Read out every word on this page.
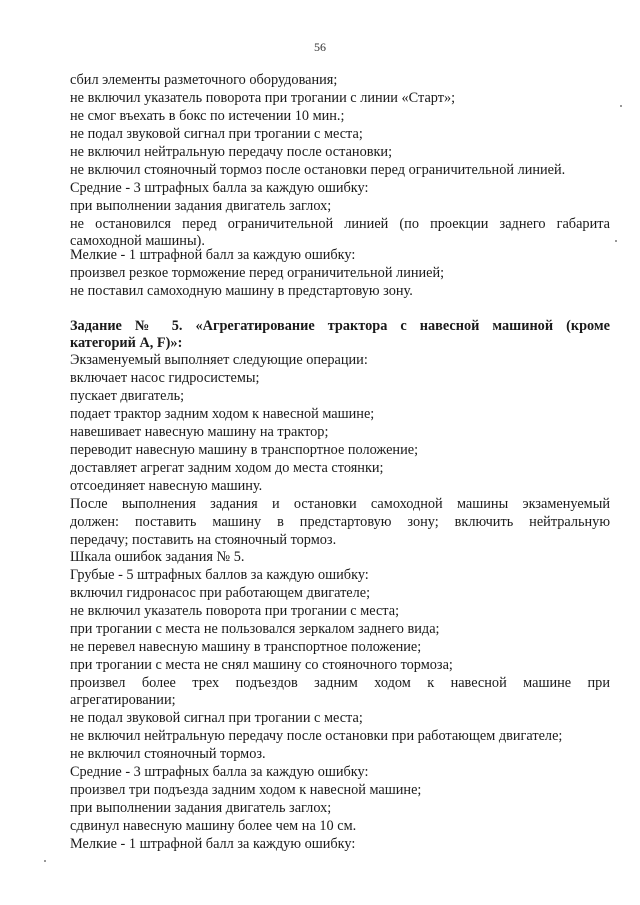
56
сбил элементы разметочного оборудования;
не включил указатель поворота при трогании с линии «Старт»;
не смог въехать в бокс по истечении 10 мин.;
не подал звуковой сигнал при трогании с места;
не включил нейтральную передачу после остановки;
не включил стояночный тормоз после остановки перед ограничительной линией.
Средние - 3 штрафных балла за каждую ошибку:
при выполнении задания двигатель заглох;
не остановился перед ограничительной линией (по проекции заднего габарита
самоходной машины).
Мелкие - 1 штрафной балл за каждую ошибку:
произвел резкое торможение перед ограничительной линией;
не поставил самоходную машину в предстартовую зону.
Задание № 5. «Агрегатирование трактора с навесной машиной (кроме
категорий А, F)»:
Экзаменуемый выполняет следующие операции:
включает насос гидросистемы;
пускает двигатель;
подает трактор задним ходом к навесной машине;
навешивает навесную машину на трактор;
переводит навесную машину в транспортное положение;
доставляет агрегат задним ходом до места стоянки;
отсоединяет навесную машину.
После выполнения задания и остановки самоходной машины экзаменуемый
должен: поставить машину в предстартовую зону; включить нейтральную
передачу; поставить на стояночный тормоз.
Шкала ошибок задания № 5.
Грубые - 5 штрафных баллов за каждую ошибку:
включил гидронасос при работающем двигателе;
не включил указатель поворота при трогании с места;
при трогании с места не пользовался зеркалом заднего вида;
не перевел навесную машину в транспортное положение;
при трогании с места не снял машину со стояночного тормоза;
произвел более трех подъездов задним ходом к навесной машине при
агрегатировании;
не подал звуковой сигнал при трогании с места;
не включил нейтральную передачу после остановки при работающем двигателе;
не включил стояночный тормоз.
Средние - 3 штрафных балла за каждую ошибку:
произвел три подъезда задним ходом к навесной машине;
при выполнении задания двигатель заглох;
сдвинул навесную машину более чем на 10 см.
Мелкие - 1 штрафной балл за каждую ошибку:
